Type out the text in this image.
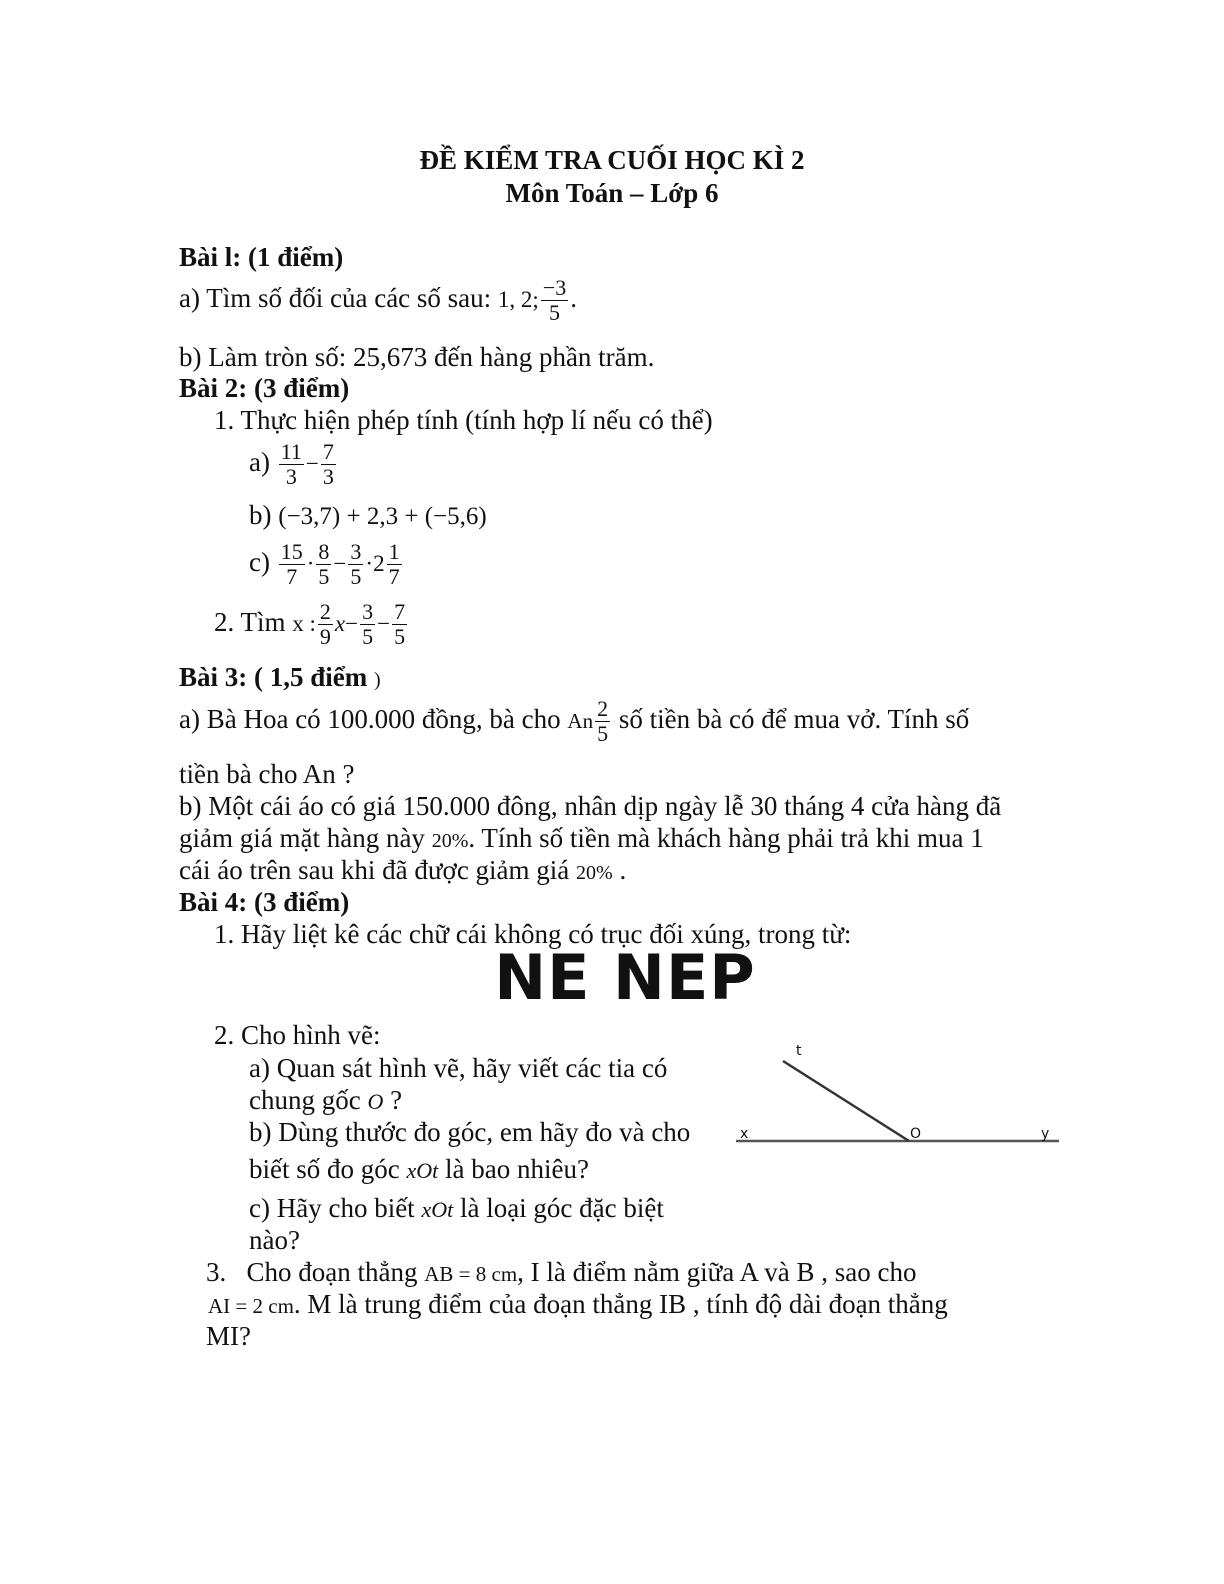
ĐỀ KIỂM TRA CUỐI HỌC KÌ 2
Môn Toán – Lớp 6
Bài l: (1 điểm)
a) Tìm số đối của các số sau: 1, 2; $\frac{-3}{5}$ .
b) Làm tròn số: 25,673 đến hàng phần trăm.
Bài 2: (3 điểm)
1. Thực hiện phép tính (tính hợp lí nếu có thể)
$a) \frac{11}{3} - \frac{7}{3}$
b) (−3,7) + 2,3 + (−5,6)
$c) \frac{15}{7} \cdot \frac{8}{5} - \frac{3}{5} \cdot 2 \frac{1}{7}$
2. Tìm x : $\frac{2}{9} x- \frac{3}{5} - \frac{7}{5}$
Bài 3: ( 1,5 điểm )
a) Bà Hoa có 100.000 đồng, bà cho An $\frac{2}{5}$ số tiền bà có để mua vở. Tính số
tiền bà cho An ?
b) Một cái áo có giá 150.000 đông, nhân dịp ngày lễ 30 tháng 4 cửa hàng đã
giảm giá mặt hàng này 20%. Tính số tiền mà khách hàng phải trả khi mua 1
cái áo trên sau khi đã được giảm giá 20% .
Bài 4: (3 điểm)
1. Hãy liệt kê các chữ cái không có trục đối xúng, trong từ:
NE NEP
2. Cho hình vẽ:
a) Quan sát hình vẽ, hãy viết các tia có
chung gốc O ?
b) Dùng thước đo góc, em hãy đo và cho
biết số đo góc xOt là bao nhiêu?
c) Hãy cho biết xOt là loại góc đặc biệt
nào?
t
x	O	y
3. Cho đoạn thẳng AB = 8 cm, I là điểm nằm giữa A và B , sao cho
AI = 2 cm. M là trung điểm của đoạn thẳng IB , tính độ dài đoạn thẳng
MI?
